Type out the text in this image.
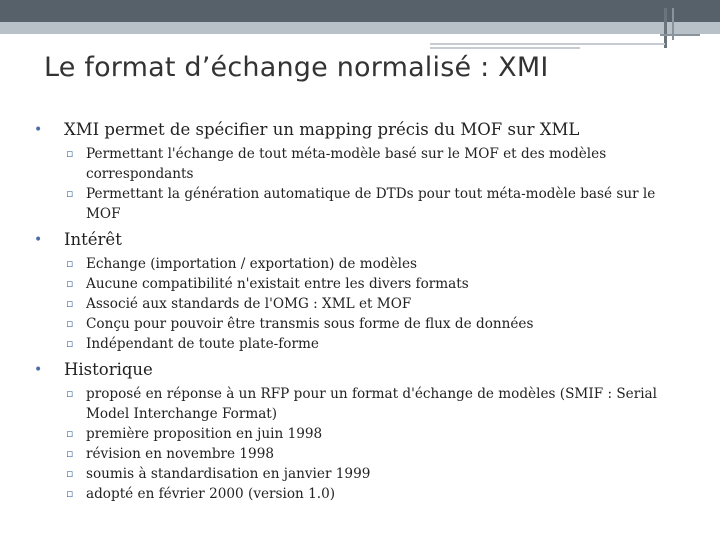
Le format d’échange normalisé : XMI
• XMI permet de spécifier un mapping précis du MOF sur XML
▫ Permettant l'échange de tout méta-modèle basé sur le MOF et des modèles correspondants
▫ Permettant la génération automatique de DTDs pour tout méta-modèle basé sur le MOF
• Intérêt
▫ Echange (importation / exportation) de modèles
▫ Aucune compatibilité n'existait entre les divers formats
▫ Associé aux standards de l'OMG : XML et MOF
▫ Conçu pour pouvoir être transmis sous forme de flux de données
▫ Indépendant de toute plate-forme
• Historique
▫ proposé en réponse à un RFP pour un format d'échange de modèles (SMIF : Serial Model Interchange Format)
▫ première proposition en juin 1998
▫ révision en novembre 1998
▫ soumis à standardisation en janvier 1999
▫ adopté en février 2000 (version 1.0)
